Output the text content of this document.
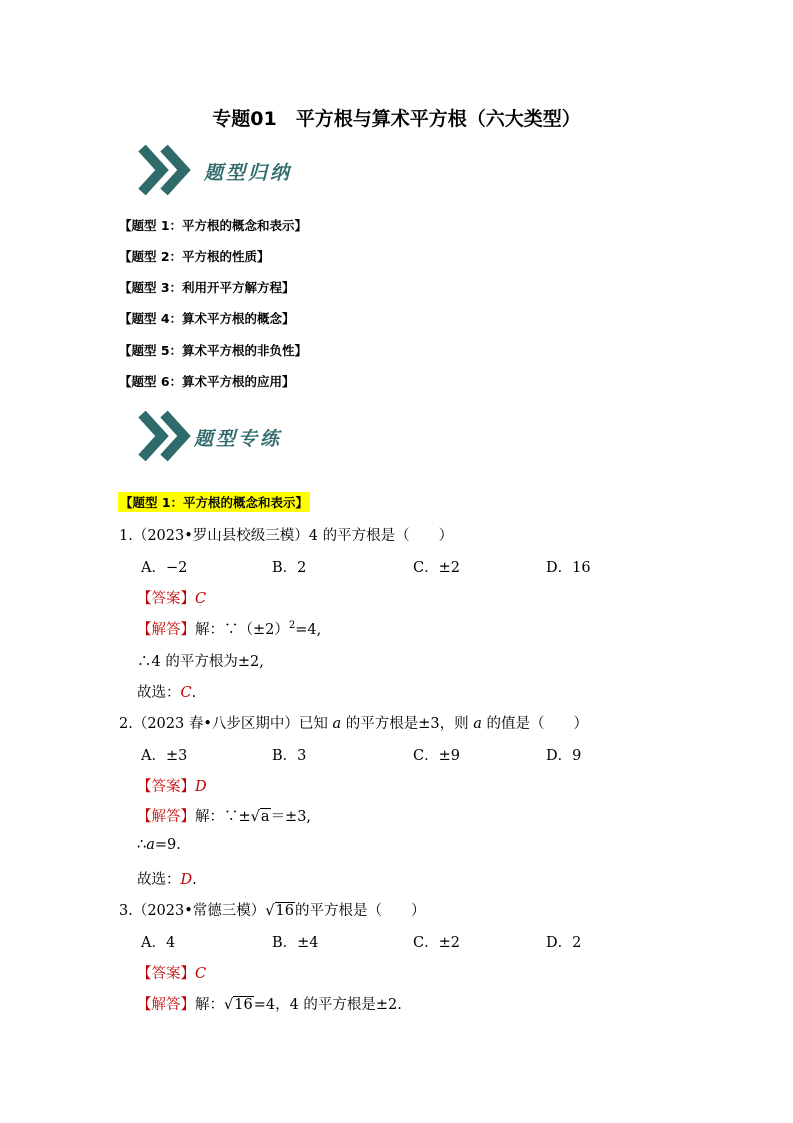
专题01　平方根与算术平方根（六大类型）
题型归纳
【题型 1：平方根的概念和表示】
【题型 2：平方根的性质】
【题型 3：利用开平方解方程】
【题型 4：算术平方根的概念】
【题型 5：算术平方根的非负性】
【题型 6：算术平方根的应用】
题型专练
【题型 1：平方根的概念和表示】
1.（2023•罗山县校级三模）4 的平方根是（　　）
A．−2	B．2	C．±2	D．16
【答案】C
【解答】解：$\because(\pm 2)^2=4$,
∴4 的平方根为±2,
故选：C.
2.（2023 春•八步区期中）已知 a 的平方根是±3，则 a 的值是（　　）
A．±3	B．3	C．±9	D．9
【答案】D
【解答】解：∵±√a＝±3,
∴a=9.
故选：D.
3.（2023•常德三模）√16的平方根是（　　）
A．4	B．±4	C．±2	D．2
【答案】C
【解答】解：√16=4，4 的平方根是±2.
